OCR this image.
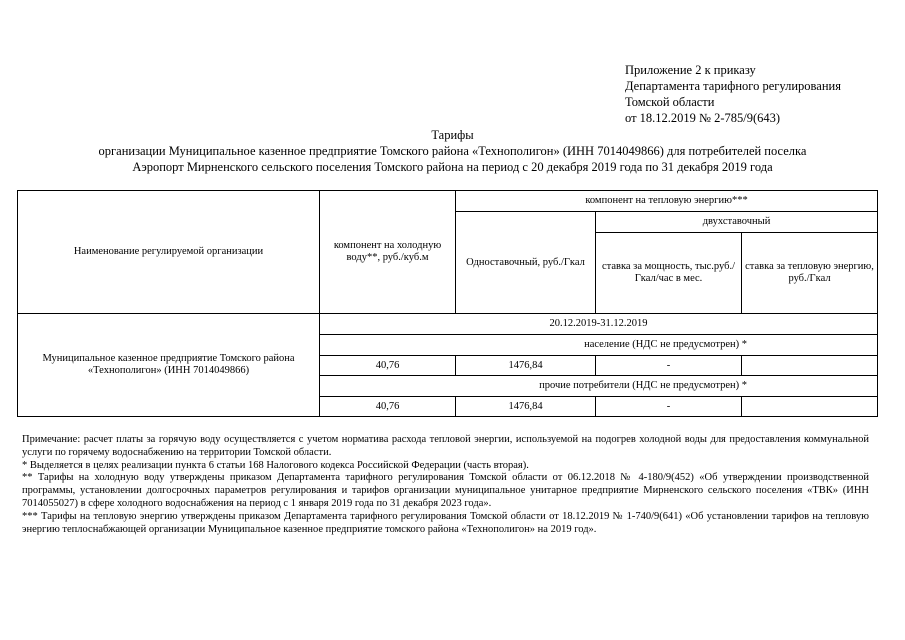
Приложение 2 к приказу
Департамента тарифного регулирования
Томской области
от 18.12.2019 № 2-785/9(643)
Тарифы
организации Муниципальное казенное предприятие Томского района «Технополигон» (ИНН 7014049866) для потребителей поселка
Аэропорт Мирненского сельского поселения Томского района на период с 20 декабря 2019 года по 31 декабря 2019 года
Наименование регулируемой организации	компонент на холодную воду**, руб./куб.м	компонент на тепловую энергию***		
		Одноставочный, руб./Гкал	двухставочный	
			ставка за мощность, тыс.руб./ Гкал/час в мес.	ставка за тепловую энергию, руб./Гкал
Муниципальное казенное предприятие Томского района «Технополигон» (ИНН 7014049866)	20.12.2019-31.12.2019			
	население (НДС не предусмотрен) *			
	40,76	1476,84	-	
	прочие потребители (НДС не предусмотрен) *			
	40,76	1476,84	-	

Примечание: расчет платы за горячую воду осуществляется с учетом норматива расхода тепловой энергии, используемой на подогрев холодной воды для предоставления коммунальной услуги по горячему водоснабжению на территории Томской области.

* Выделяется в целях реализации пункта 6 статьи 168 Налогового кодекса Российской Федерации (часть вторая).

** Тарифы на холодную воду утверждены приказом Департамента тарифного регулирования Томской области от 06.12.2018 № 4-180/9(452) «Об утверждении производственной программы, установлении долгосрочных параметров регулирования и тарифов организации муниципальное унитарное предприятие Мирненского сельского поселения «ТВК» (ИНН 7014055027) в сфере холодного водоснабжения на период с 1 января 2019 года по 31 декабря 2023 года».

*** Тарифы на тепловую энергию утверждены приказом Департамента тарифного регулирования Томской области от 18.12.2019 № 1-740/9(641) «Об установлении тарифов на тепловую энергию теплоснабжающей организации Муниципальное казенное предприятие томского района «Технополигон» на 2019 год».
